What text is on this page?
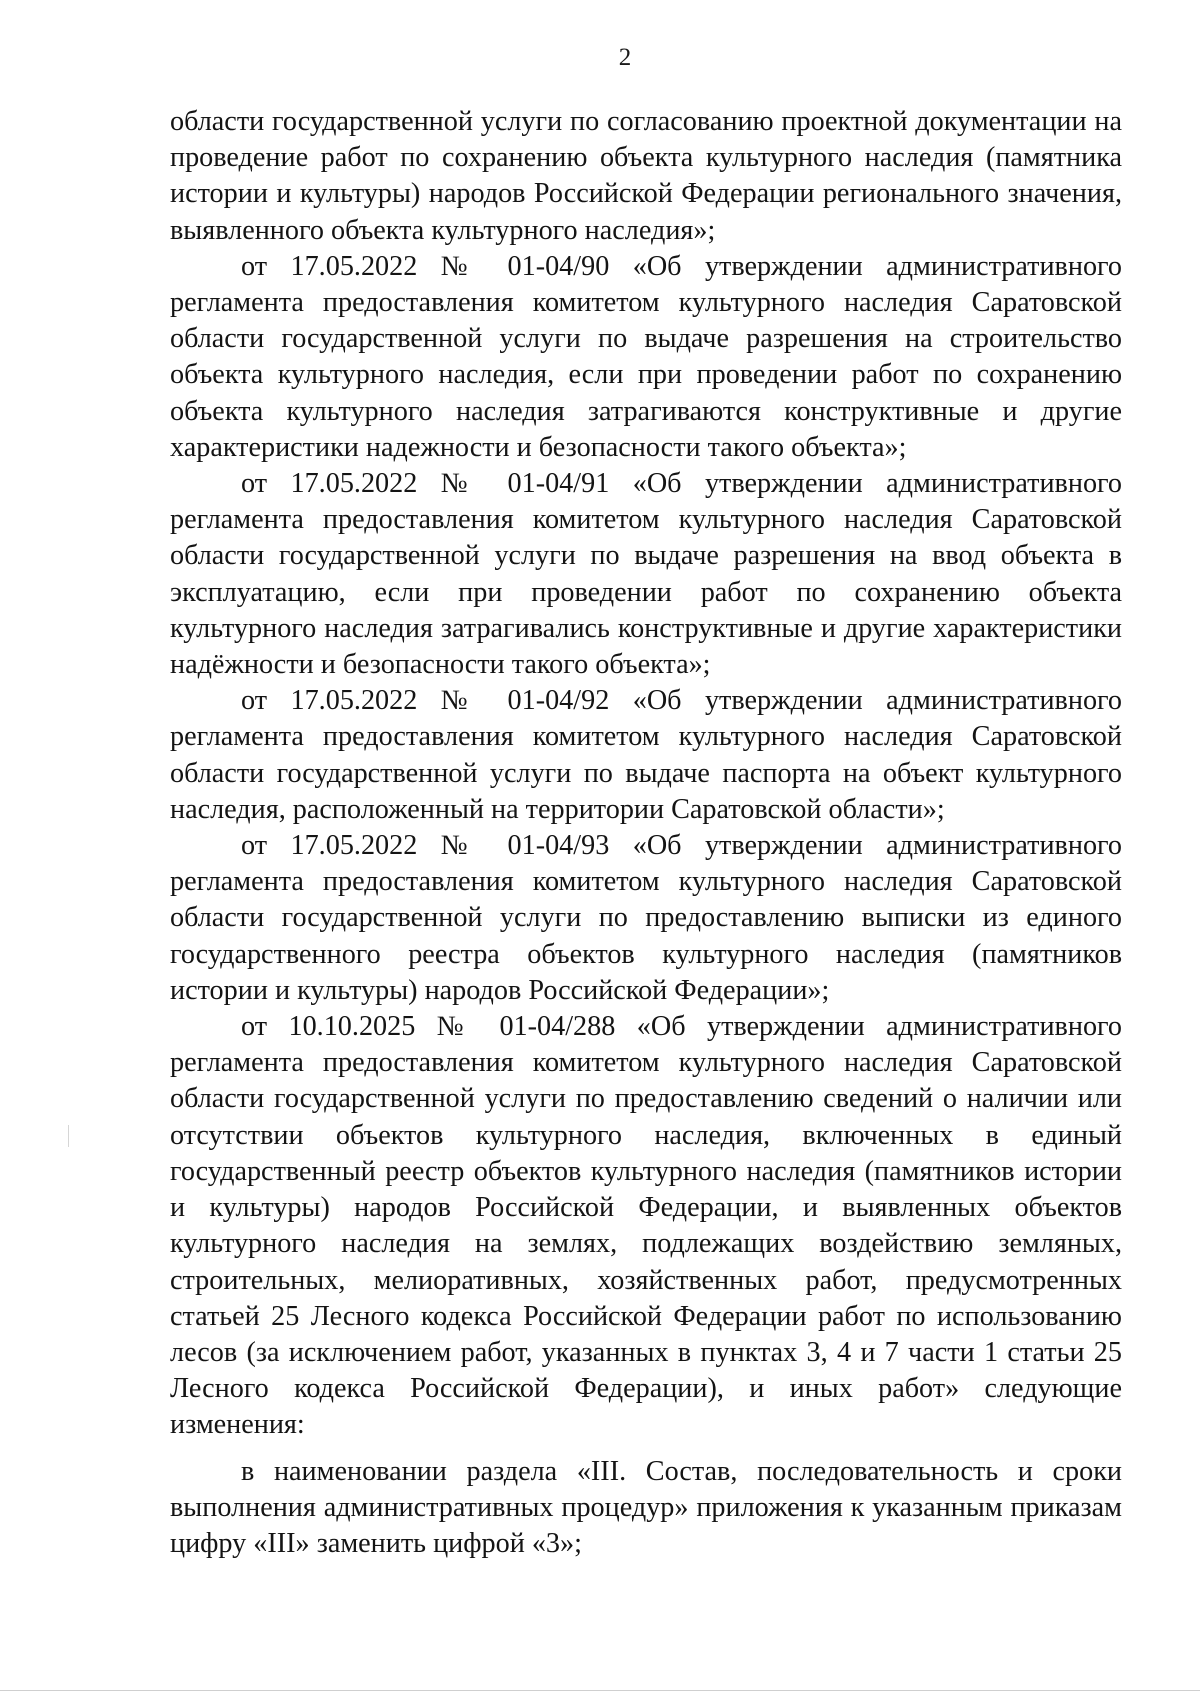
2

области государственной услуги по согласованию проектной документации на проведение работ по сохранению объекта культурного наследия (памятника истории и культуры) народов Российской Федерации регионального значения, выявленного объекта культурного наследия»;

от 17.05.2022 № 01-04/90 «Об утверждении административного регламента предоставления комитетом культурного наследия Саратовской области государственной услуги по выдаче разрешения на строительство объекта культурного наследия, если при проведении работ по сохранению объекта культурного наследия затрагиваются конструктивные и другие характеристики надежности и безопасности такого объекта»;

от 17.05.2022 № 01-04/91 «Об утверждении административного регламента предоставления комитетом культурного наследия Саратовской области государственной услуги по выдаче разрешения на ввод объекта в эксплуатацию, если при проведении работ по сохранению объекта культурного наследия затрагивались конструктивные и другие характеристики надёжности и безопасности такого объекта»;

от 17.05.2022 № 01-04/92 «Об утверждении административного регламента предоставления комитетом культурного наследия Саратовской области государственной услуги по выдаче паспорта на объект культурного наследия, расположенный на территории Саратовской области»;

от 17.05.2022 № 01-04/93 «Об утверждении административного регламента предоставления комитетом культурного наследия Саратовской области государственной услуги по предоставлению выписки из единого государственного реестра объектов культурного наследия (памятников истории и культуры) народов Российской Федерации»;

от 10.10.2025 № 01-04/288 «Об утверждении административного регламента предоставления комитетом культурного наследия Саратовской области государственной услуги по предоставлению сведений о наличии или отсутствии объектов культурного наследия, включенных в единый государственный реестр объектов культурного наследия (памятников истории и культуры) народов Российской Федерации, и выявленных объектов культурного наследия на землях, подлежащих воздействию земляных, строительных, мелиоративных, хозяйственных работ, предусмотренных статьей 25 Лесного кодекса Российской Федерации работ по использованию лесов (за исключением работ, указанных в пунктах 3, 4 и 7 части 1 статьи 25 Лесного кодекса Российской Федерации), и иных работ» следующие изменения:

в наименовании раздела «III. Состав, последовательность и сроки выполнения административных процедур» приложения к указанным приказам цифру «III» заменить цифрой «3»;
